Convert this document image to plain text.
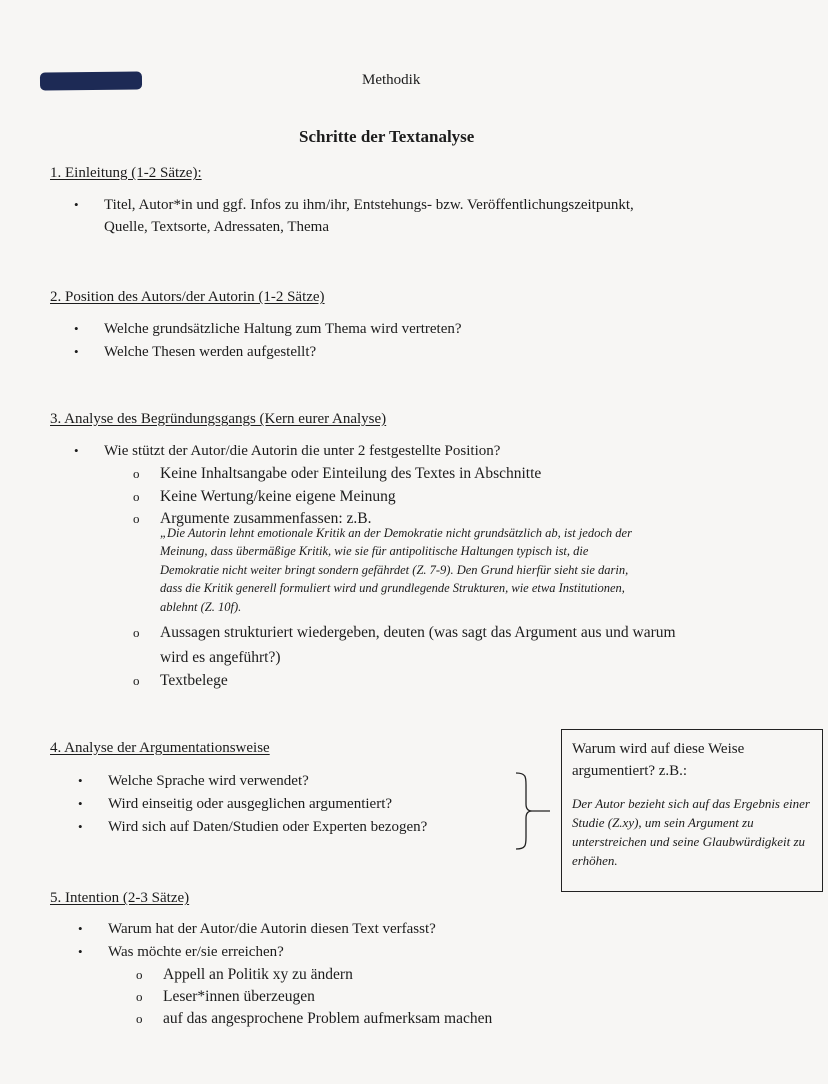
Methodik
Schritte der Textanalyse
1. Einleitung (1-2 Sätze):
• Titel, Autor*in und ggf. Infos zu ihm/ihr, Entstehungs- bzw. Veröffentlichungszeitpunkt,
Quelle, Textsorte, Adressaten, Thema
2. Position des Autors/der Autorin (1-2 Sätze)
• Welche grundsätzliche Haltung zum Thema wird vertreten?
• Welche Thesen werden aufgestellt?
3. Analyse des Begründungsgangs (Kern eurer Analyse)
• Wie stützt der Autor/die Autorin die unter 2 festgestellte Position?
o Keine Inhaltsangabe oder Einteilung des Textes in Abschnitte
o Keine Wertung/keine eigene Meinung
o Argumente zusammenfassen: z.B.
„Die Autorin lehnt emotionale Kritik an der Demokratie nicht grundsätzlich ab, ist jedoch der
Meinung, dass übermäßige Kritik, wie sie für antipolitische Haltungen typisch ist, die
Demokratie nicht weiter bringt sondern gefährdet (Z. 7-9). Den Grund hierfür sieht sie darin,
dass die Kritik generell formuliert wird und grundlegende Strukturen, wie etwa Institutionen,
ablehnt (Z. 10f).
o Aussagen strukturiert wiedergeben, deuten (was sagt das Argument aus und warum
wird es angeführt?)
o Textbelege
4. Analyse der Argumentationsweise
• Welche Sprache wird verwendet?
• Wird einseitig oder ausgeglichen argumentiert?
• Wird sich auf Daten/Studien oder Experten bezogen?
Warum wird auf diese Weise argumentiert? z.B.:
Der Autor bezieht sich auf das Ergebnis einer Studie (Z.xy), um sein Argument zu unterstreichen und seine Glaubwürdigkeit zu erhöhen.
5. Intention (2-3 Sätze)
• Warum hat der Autor/die Autorin diesen Text verfasst?
• Was möchte er/sie erreichen?
o Appell an Politik xy zu ändern
o Leser*innen überzeugen
o auf das angesprochene Problem aufmerksam machen
